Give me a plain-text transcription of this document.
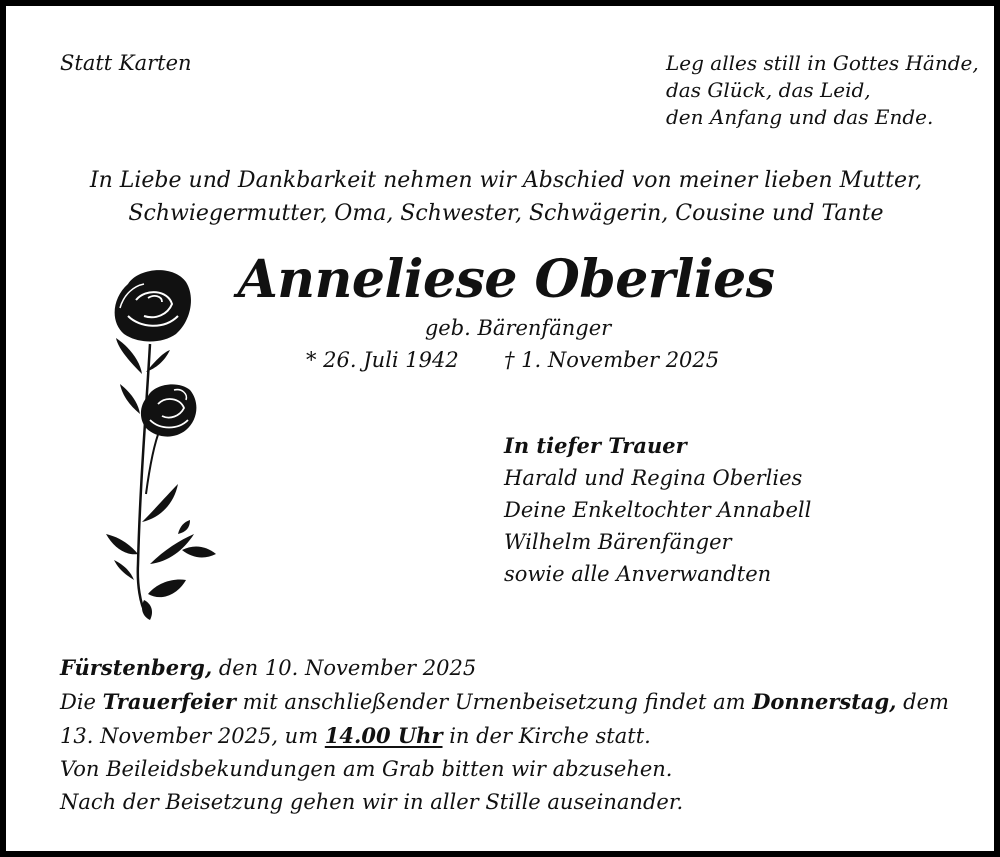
Statt Karten	Leg alles still in Gottes Hände,
das Glück, das Leid,
den Anfang und das Ende.
In Liebe und Dankbarkeit nehmen wir Abschied von meiner lieben Mutter,
Schwiegermutter, Oma, Schwester, Schwägerin, Cousine und Tante
Anneliese Oberlies
geb. Bärenfänger
* 26. Juli 1942 † 1. November 2025
In tiefer Trauer
Harald und Regina Oberlies
Deine Enkeltochter Annabell
Wilhelm Bärenfänger
sowie alle Anverwandten
Fürstenberg, den 10. November 2025
Die Trauerfeier mit anschließender Urnenbeisetzung findet am Donnerstag, dem
13. November 2025, um 14.00 Uhr in der Kirche statt.
Von Beileidsbekundungen am Grab bitten wir abzusehen.
Nach der Beisetzung gehen wir in aller Stille auseinander.
